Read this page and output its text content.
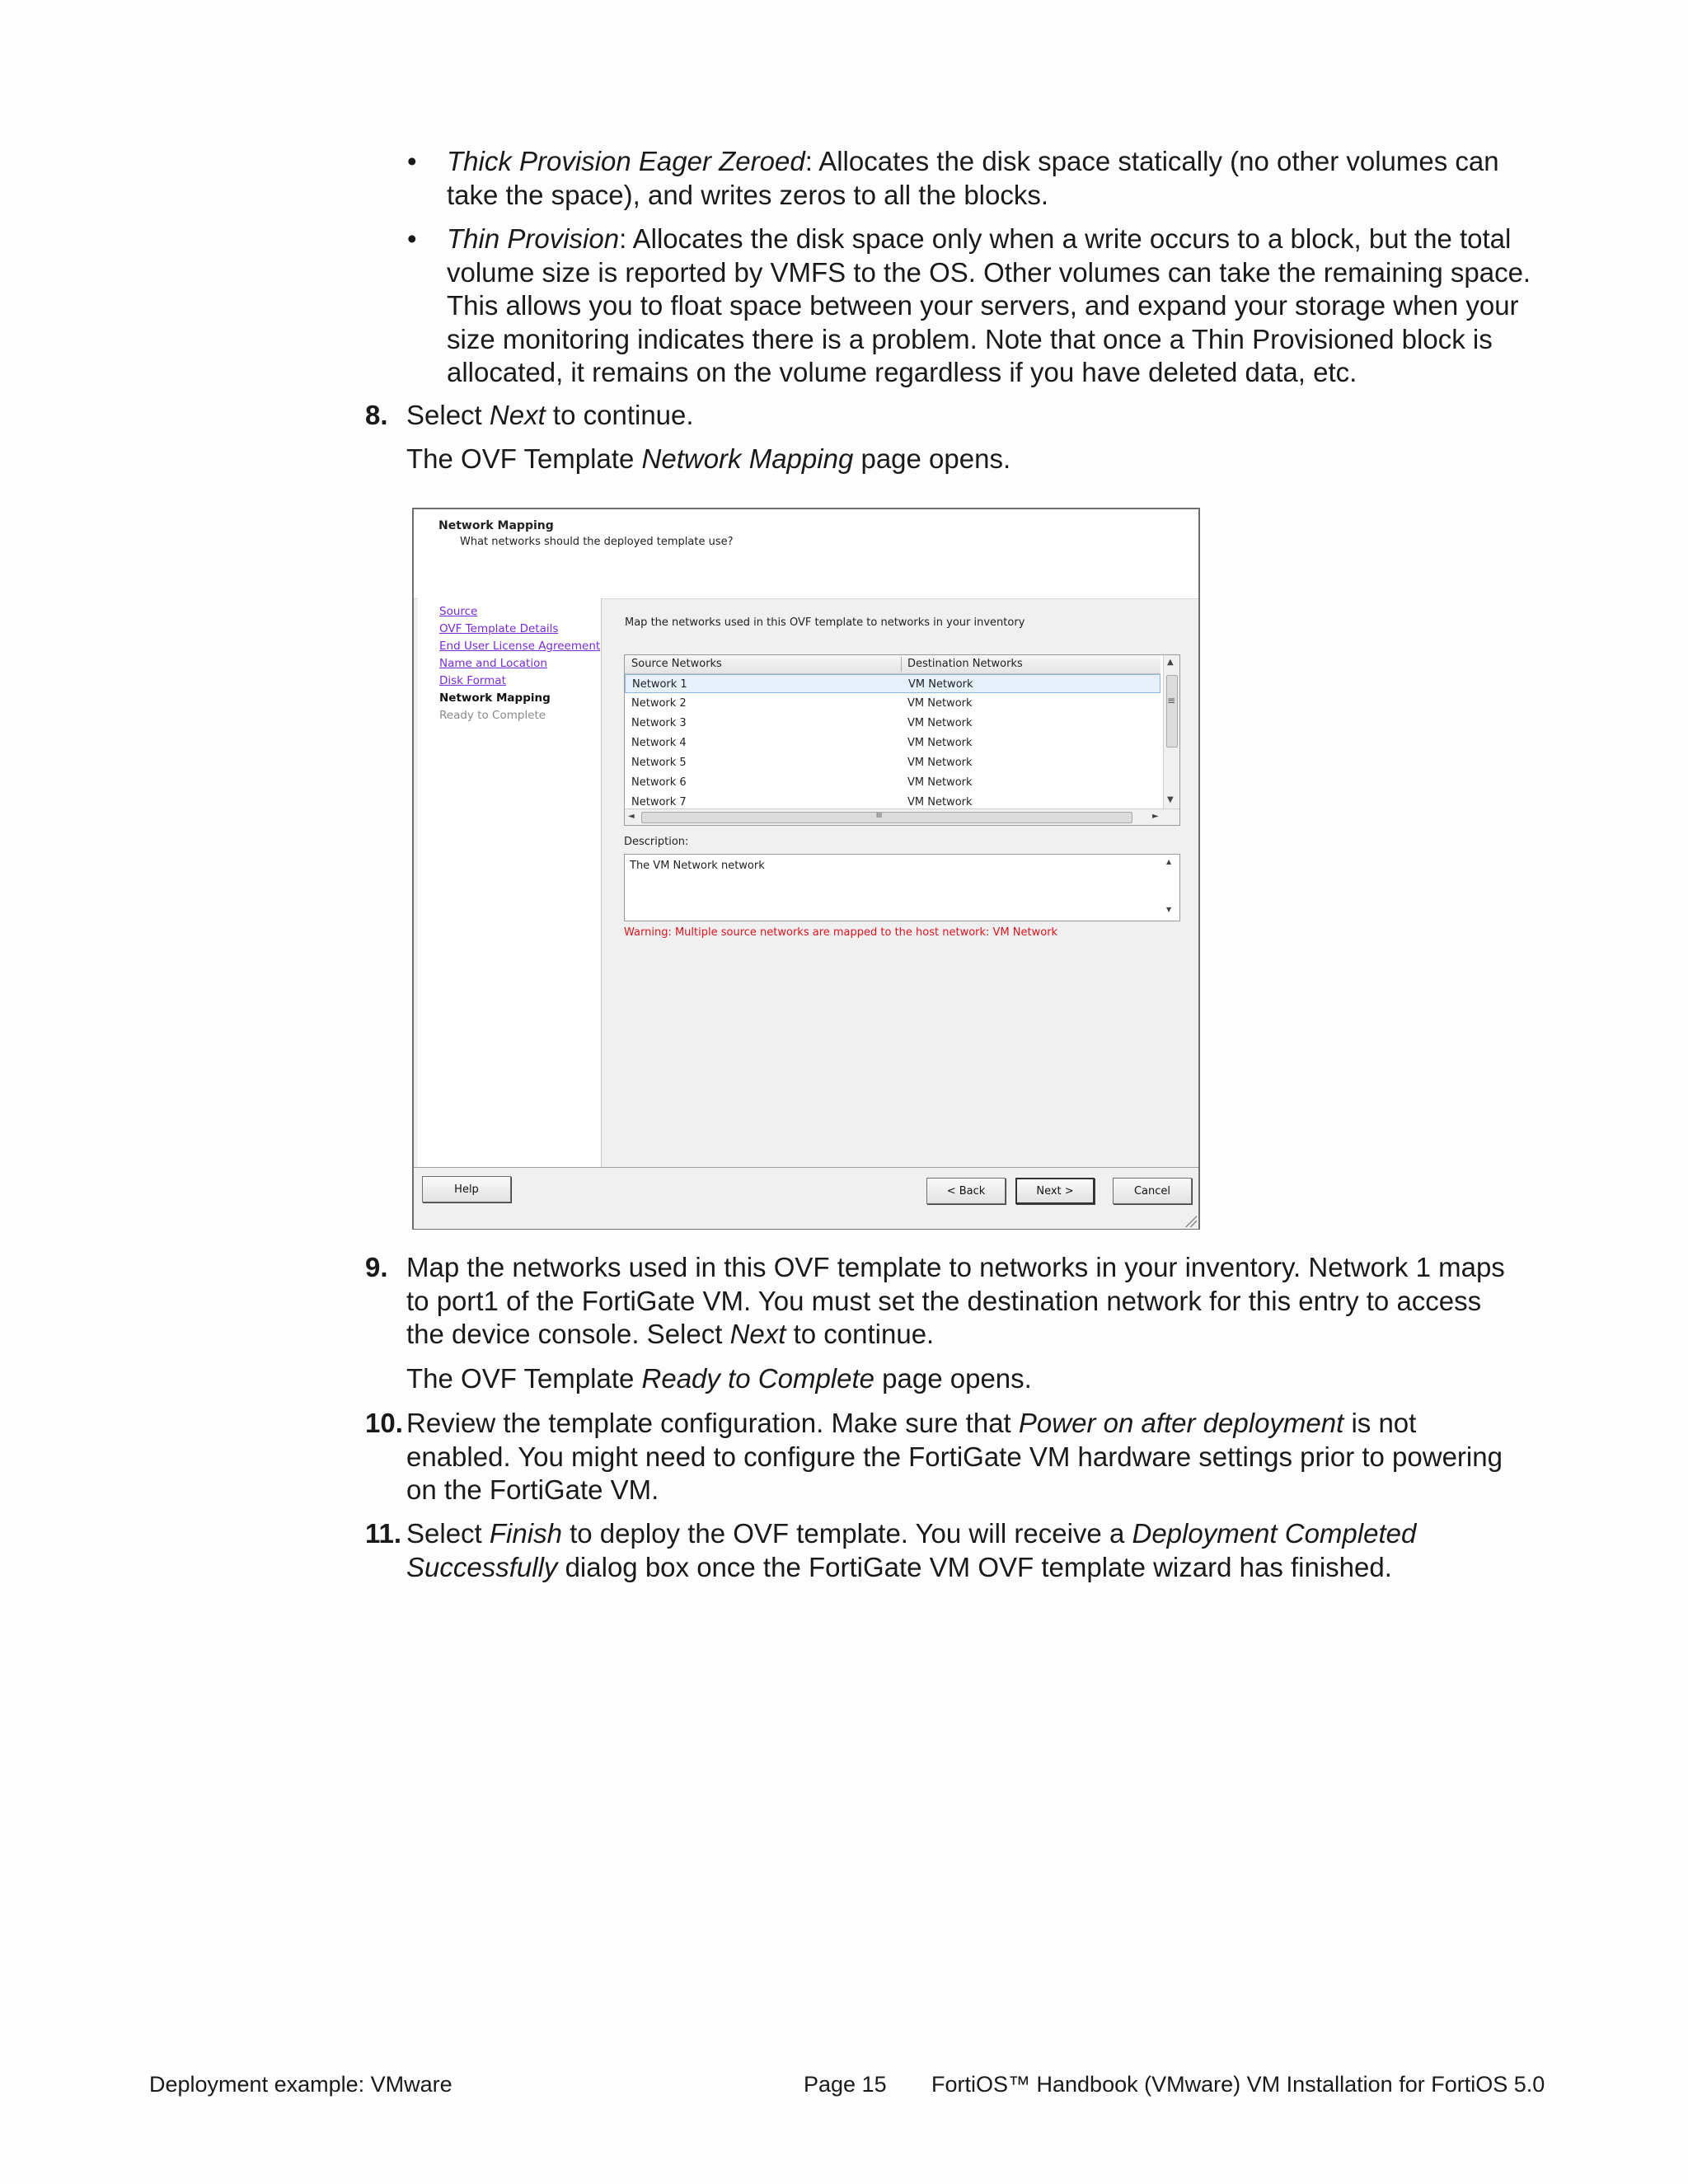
• Thick Provision Eager Zeroed: Allocates the disk space statically (no other volumes can
take the space), and writes zeros to all the blocks.
• Thin Provision: Allocates the disk space only when a write occurs to a block, but the total
volume size is reported by VMFS to the OS. Other volumes can take the remaining space.
This allows you to float space between your servers, and expand your storage when your
size monitoring indicates there is a problem. Note that once a Thin Provisioned block is
allocated, it remains on the volume regardless if you have deleted data, etc.
8. Select Next to continue.
The OVF Template Network Mapping page opens.
Network Mapping
What networks should the deployed template use?
Source
OVF Template Details
End User License Agreement
Name and Location
Disk Format
Network Mapping
Ready to Complete
Map the networks used in this OVF template to networks in your inventory
Source Networks	Destination Networks
Network 1	VM Network
Network 2	VM Network
Network 3	VM Network
Network 4	VM Network
Network 5	VM Network
Network 6	VM Network
Network 7	VM Network
▲
≡
▼
◄	III	►
Description:
The VM Network network	▲
▼
Warning: Multiple source networks are mapped to the host network: VM Network
Help	< Back	Next >	Cancel
9. Map the networks used in this OVF template to networks in your inventory. Network 1 maps
to port1 of the FortiGate VM. You must set the destination network for this entry to access
the device console. Select Next to continue.
The OVF Template Ready to Complete page opens.
10. Review the template configuration. Make sure that Power on after deployment is not
enabled. You might need to configure the FortiGate VM hardware settings prior to powering
on the FortiGate VM.
11. Select Finish to deploy the OVF template. You will receive a Deployment Completed
Successfully dialog box once the FortiGate VM OVF template wizard has finished.
Deployment example: VMware	Page 15 FortiOS™ Handbook (VMware) VM Installation for FortiOS 5.0
